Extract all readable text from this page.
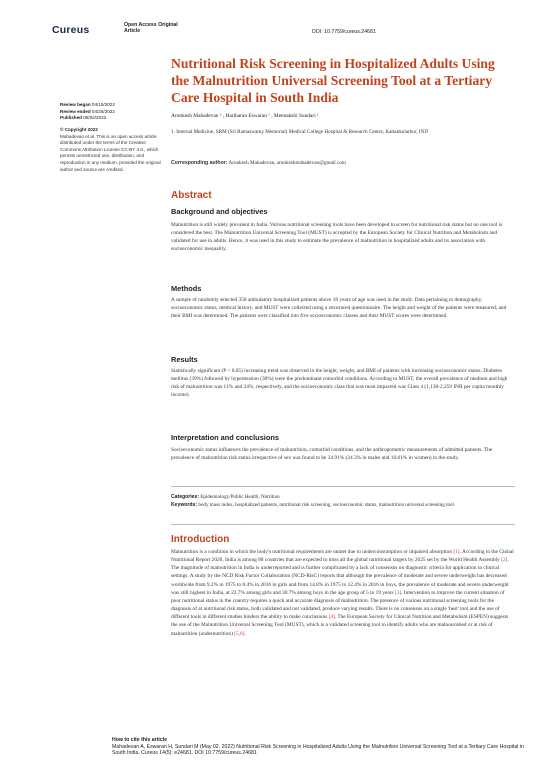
Cureus	Open Access Original
Article	DOI: 10.7759/cureus.24681
Nutritional Risk Screening in Hospitalized Adults Using the Malnutrition Universal Screening Tool at a Tertiary Care Hospital in South India
Review began 04/15/2022
Review ended 04/25/2022
Published 05/02/2022
© Copyright 2022
Mahadevan et al. This is an open access article distributed under the terms of the Creative Commons Attribution License CC-BY 4.0., which permits unrestricted use, distribution, and reproduction in any medium, provided the original author and source are credited.
Arunkesh Mahadevan ¹ , Hariharan Eswaran ¹ , Meenakshi Sundari ¹
1. Internal Medicine, SRM (Sri Ramaswamy Memorial) Medical College Hospital & Research Centre, Kattankulathur, IND
Corresponding author: Arunkesh Mahadevan, arunkeshmahadevan@gmail.com
Abstract
Background and objectives
Malnutrition is still widely prevalent in India. Various nutritional screening tools have been developed to screen for nutritional risk status but no one tool is considered the best. The Malnutrition Universal Screening Tool (MUST) is accepted by the European Society for Clinical Nutrition and Metabolism and validated for use in adults. Hence, it was used in this study to estimate the prevalence of malnutrition in hospitalized adults and its association with socioeconomic inequality.
Methods
A sample of randomly selected 358 ambulatory hospitalized patients above 18 years of age was used in the study. Data pertaining to demography, socioeconomic status, medical history, and MUST were collected using a structured questionnaire. The height and weight of the patients were measured, and their BMI was determined. The patients were classified into five socioeconomic classes and their MUST scores were determined.
Results
Statistically significant (P < 0.05) increasing trend was observed in the height, weight, and BMI of patients with increasing socioeconomic status. Diabetes mellitus (39%) followed by hypertension (30%) were the predominant comorbid conditions. According to MUST, the overall prevalence of medium and high risk of malnutrition was 11% and 24%, respectively, and the socioeconomic class that was most impacted was Class 4 (1,130-2,259 INR per capita monthly income).
Interpretation and conclusions
Socioeconomic status influences the prevalence of malnutrition, comorbid conditions, and the anthropometric measurements of admitted patients. The prevalence of malnutrition risk status irrespective of sex was found to be 34.91% (24.3% in males and 10.61% in women) in the study.
Categories: Epidemiology/Public Health, Nutrition
Keywords: body mass index, hospitalized patients, nutritional risk screening, socioeconomic status, malnutrition universal screening tool
Introduction
Malnutrition is a condition in which the body's nutritional requirements are unmet due to underconsumption or impaired absorption [1]. According to the Global Nutritional Report 2020, India is among 88 countries that are expected to miss all the global nutritional targets by 2025 set by the World Health Assembly [2]. The magnitude of malnutrition in India is underreported and is further complicated by a lack of consensus on diagnostic criteria for application in clinical settings. A study by the NCD Risk Factor Collaboration (NCD-RisC) reports that although the prevalence of moderate and severe underweight has decreased worldwide from 9.2% in 1975 to 8.4% in 2016 in girls and from 14.8% in 1975 to 12.4% in 2016 in boys, the prevalence of moderate and severe underweight was still highest in India, at 22.7% among girls and 30.7% among boys in the age group of 5 to 19 years [3]. Intervention to improve the current situation of poor nutritional status in the country requires a quick and accurate diagnosis of malnutrition. The presence of various nutritional screening tools for the diagnosis of at nutritional risk status, both validated and not validated, produce varying results. There is no consensus on a single 'best' tool and the use of different tools in different studies hinders the ability to make conclusions [4]. The European Society for Clinical Nutrition and Metabolism (ESPEN) suggests the use of the Malnutrition Universal Screening Tool (MUST), which is a validated screening tool to identify adults who are malnourished or at risk of malnutrition (undernutrition) [5,6].
How to cite this article
Mahadevan A, Eswaran H, Sundari M (May 02, 2022) Nutritional Risk Screening in Hospitalized Adults Using the Malnutrition Universal Screening Tool at a Tertiary Care Hospital in South India. Cureus 14(5): e24681. DOI 10.7759/cureus.24681
